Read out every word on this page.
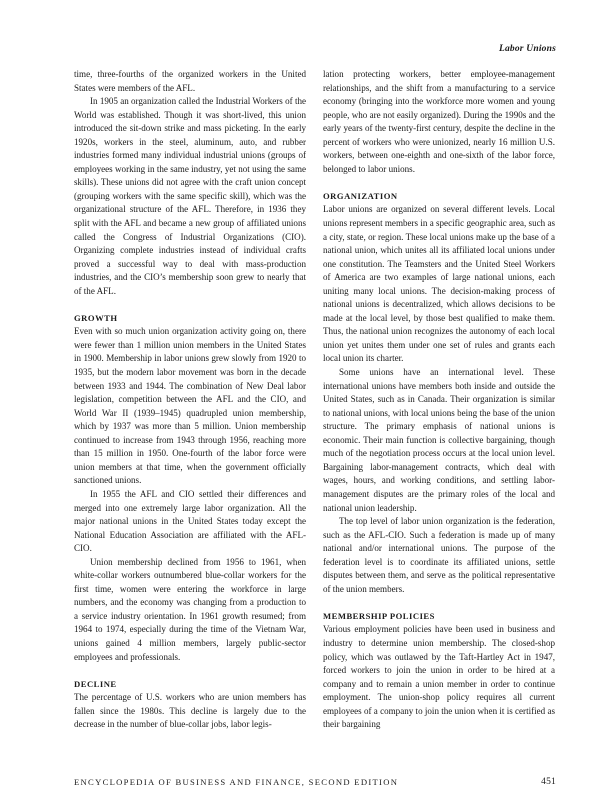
Labor Unions

time, three-fourths of the organized workers in the United States were members of the AFL.

In 1905 an organization called the Industrial Workers of the World was established. Though it was short-lived, this union introduced the sit-down strike and mass picketing. In the early 1920s, workers in the steel, aluminum, auto, and rubber industries formed many individual industrial unions (groups of employees working in the same industry, yet not using the same skills). These unions did not agree with the craft union concept (grouping workers with the same specific skill), which was the organizational structure of the AFL. Therefore, in 1936 they split with the AFL and became a new group of affiliated unions called the Congress of Industrial Organizations (CIO). Organizing complete industries instead of individual crafts proved a successful way to deal with mass-production industries, and the CIO’s membership soon grew to nearly that of the AFL.

GROWTH

Even with so much union organization activity going on, there were fewer than 1 million union members in the United States in 1900. Membership in labor unions grew slowly from 1920 to 1935, but the modern labor movement was born in the decade between 1933 and 1944. The combination of New Deal labor legislation, competition between the AFL and the CIO, and World War II (1939–1945) quadrupled union membership, which by 1937 was more than 5 million. Union membership continued to increase from 1943 through 1956, reaching more than 15 million in 1950. One-fourth of the labor force were union members at that time, when the government officially sanctioned unions.

In 1955 the AFL and CIO settled their differences and merged into one extremely large labor organization. All the major national unions in the United States today except the National Education Association are affiliated with the AFL-CIO.

Union membership declined from 1956 to 1961, when white-collar workers outnumbered blue-collar workers for the first time, women were entering the workforce in large numbers, and the economy was changing from a production to a service industry orientation. In 1961 growth resumed; from 1964 to 1974, especially during the time of the Vietnam War, unions gained 4 million members, largely public-sector employees and professionals.

DECLINE

The percentage of U.S. workers who are union members has fallen since the 1980s. This decline is largely due to the decrease in the number of blue-collar jobs, labor legis-

lation protecting workers, better employee-management relationships, and the shift from a manufacturing to a service economy (bringing into the workforce more women and young people, who are not easily organized). During the 1990s and the early years of the twenty-first century, despite the decline in the percent of workers who were unionized, nearly 16 million U.S. workers, between one-eighth and one-sixth of the labor force, belonged to labor unions.

ORGANIZATION

Labor unions are organized on several different levels. Local unions represent members in a specific geographic area, such as a city, state, or region. These local unions make up the base of a national union, which unites all its affiliated local unions under one constitution. The Teamsters and the United Steel Workers of America are two examples of large national unions, each uniting many local unions. The decision-making process of national unions is decentralized, which allows decisions to be made at the local level, by those best qualified to make them. Thus, the national union recognizes the autonomy of each local union yet unites them under one set of rules and grants each local union its charter.

Some unions have an international level. These international unions have members both inside and outside the United States, such as in Canada. Their organization is similar to national unions, with local unions being the base of the union structure. The primary emphasis of national unions is economic. Their main function is collective bargaining, though much of the negotiation process occurs at the local union level. Bargaining labor-management contracts, which deal with wages, hours, and working conditions, and settling labor-management disputes are the primary roles of the local and national union leadership.

The top level of labor union organization is the federation, such as the AFL-CIO. Such a federation is made up of many national and/or international unions. The purpose of the federation level is to coordinate its affiliated unions, settle disputes between them, and serve as the political representative of the union members.

MEMBERSHIP POLICIES

Various employment policies have been used in business and industry to determine union membership. The closed-shop policy, which was outlawed by the Taft-Hartley Act in 1947, forced workers to join the union in order to be hired at a company and to remain a union member in order to continue employment. The union-shop policy requires all current employees of a company to join the union when it is certified as their bargaining

ENCYCLOPEDIA OF BUSINESS AND FINANCE, SECOND EDITION	451
